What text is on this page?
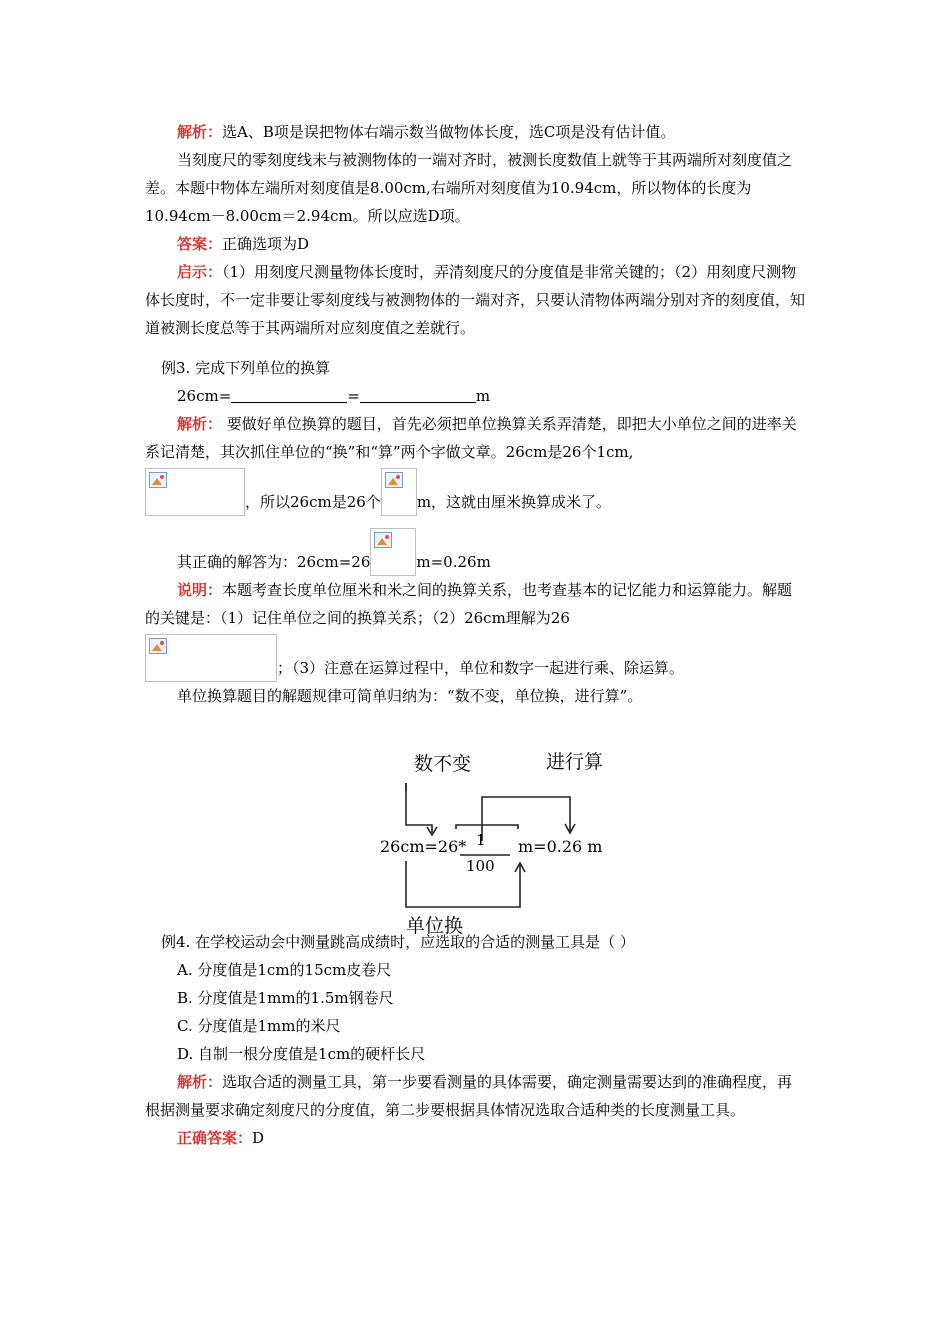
解析：选A、B项是误把物体右端示数当做物体长度，选C项是没有估计值。

当刻度尺的零刻度线未与被测物体的一端对齐时，被测长度数值上就等于其两端所对刻度值之差。本题中物体左端所对刻度值是8.00cm,右端所对刻度值为10.94cm，所以物体的长度为10.94cm－8.00cm＝2.94cm。所以应选D项。

答案：正确选项为D

启示：（1）用刻度尺测量物体长度时，弄清刻度尺的分度值是非常关键的；（2）用刻度尺测物体长度时，不一定非要让零刻度线与被测物体的一端对齐，只要认清物体两端分别对齐的刻度值，知道被测长度总等于其两端所对应刻度值之差就行。

例3. 完成下列单位的换算

26cm=	=	m

解析： 要做好单位换算的题目，首先必须把单位换算关系弄清楚，即把大小单位之间的进率关系记清楚，其次抓住单位的“换”和“算”两个字做文章。26cm是26个1cm,

，所以26cm是26个 m，这就由厘米换算成米了。

其正确的解答为：26cm=26	m=0.26m

说明：本题考查长度单位厘米和米之间的换算关系，也考查基本的记忆能力和运算能力。解题的关键是：（1）记住单位之间的换算关系；（2）26cm理解为26

；（3）注意在运算过程中，单位和数字一起进行乘、除运算。

单位换算题目的解题规律可简单归纳为：“数不变，单位换，进行算”。

例4. 在学校运动会中测量跳高成绩时，应选取的合适的测量工具是（ ）

A. 分度值是1cm的15cm皮卷尺

B. 分度值是1mm的1.5m钢卷尺

C. 分度值是1mm的米尺

D. 自制一根分度值是1cm的硬杆长尺

解析：选取合适的测量工具，第一步要看测量的具体需要，确定测量需要达到的准确程度，再根据测量要求确定刻度尺的分度值，第二步要根据具体情况选取合适种类的长度测量工具。

正确答案：D

数不变	进行算
26cm=26* 1
100
m=0.26 m
单位换
